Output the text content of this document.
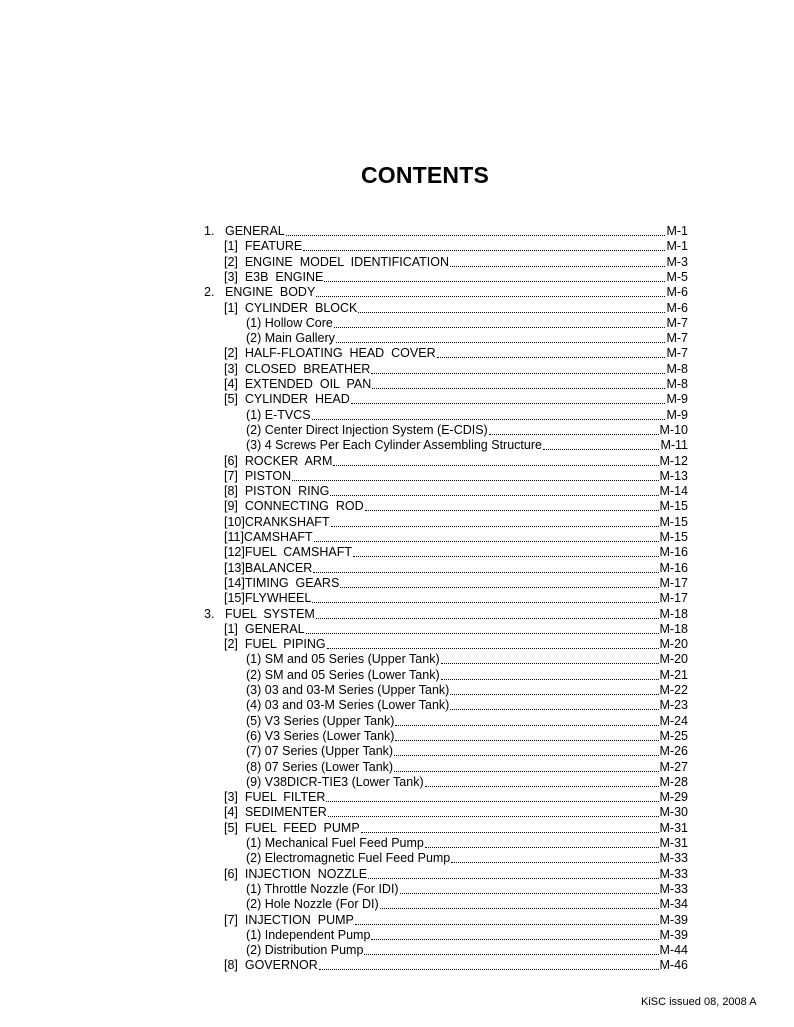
CONTENTS
1. GENERAL	M-1
[1]  FEATURE	M-1
[2]  ENGINE  MODEL  IDENTIFICATION	M-3
[3]  E3B  ENGINE	M-5
2. ENGINE  BODY	M-6
[1]  CYLINDER  BLOCK	M-6
(1) Hollow Core	M-7
(2) Main Gallery	M-7
[2]  HALF-FLOATING  HEAD  COVER	M-7
[3]  CLOSED  BREATHER	M-8
[4]  EXTENDED  OIL  PAN	M-8
[5]  CYLINDER  HEAD	M-9
(1) E-TVCS	M-9
(2) Center Direct Injection System (E-CDIS)	M-10
(3) 4 Screws Per Each Cylinder Assembling Structure	M-11
[6]  ROCKER  ARM	M-12
[7]  PISTON	M-13
[8]  PISTON  RING	M-14
[9]  CONNECTING  ROD	M-15
[10]CRANKSHAFT	M-15
[11]CAMSHAFT	M-15
[12]FUEL  CAMSHAFT	M-16
[13]BALANCER	M-16
[14]TIMING  GEARS	M-17
[15]FLYWHEEL	M-17
3. FUEL  SYSTEM	M-18
[1]  GENERAL	M-18
[2]  FUEL  PIPING	M-20
(1) SM and 05 Series (Upper Tank)	M-20
(2) SM and 05 Series (Lower Tank)	M-21
(3) 03 and 03-M Series (Upper Tank)	M-22
(4) 03 and 03-M Series (Lower Tank)	M-23
(5) V3 Series (Upper Tank)	M-24
(6) V3 Series (Lower Tank)	M-25
(7) 07 Series (Upper Tank)	M-26
(8) 07 Series (Lower Tank)	M-27
(9) V38DICR-TIE3 (Lower Tank)	M-28
[3]  FUEL  FILTER	M-29
[4]  SEDIMENTER	M-30
[5]  FUEL  FEED  PUMP	M-31
(1) Mechanical Fuel Feed Pump	M-31
(2) Electromagnetic Fuel Feed Pump	M-33
[6]  INJECTION  NOZZLE	M-33
(1) Throttle Nozzle (For IDI)	M-33
(2) Hole Nozzle (For DI)	M-34
[7]  INJECTION  PUMP	M-39
(1) Independent Pump	M-39
(2) Distribution Pump	M-44
[8]  GOVERNOR	M-46
KiSC issued 08, 2008 A
